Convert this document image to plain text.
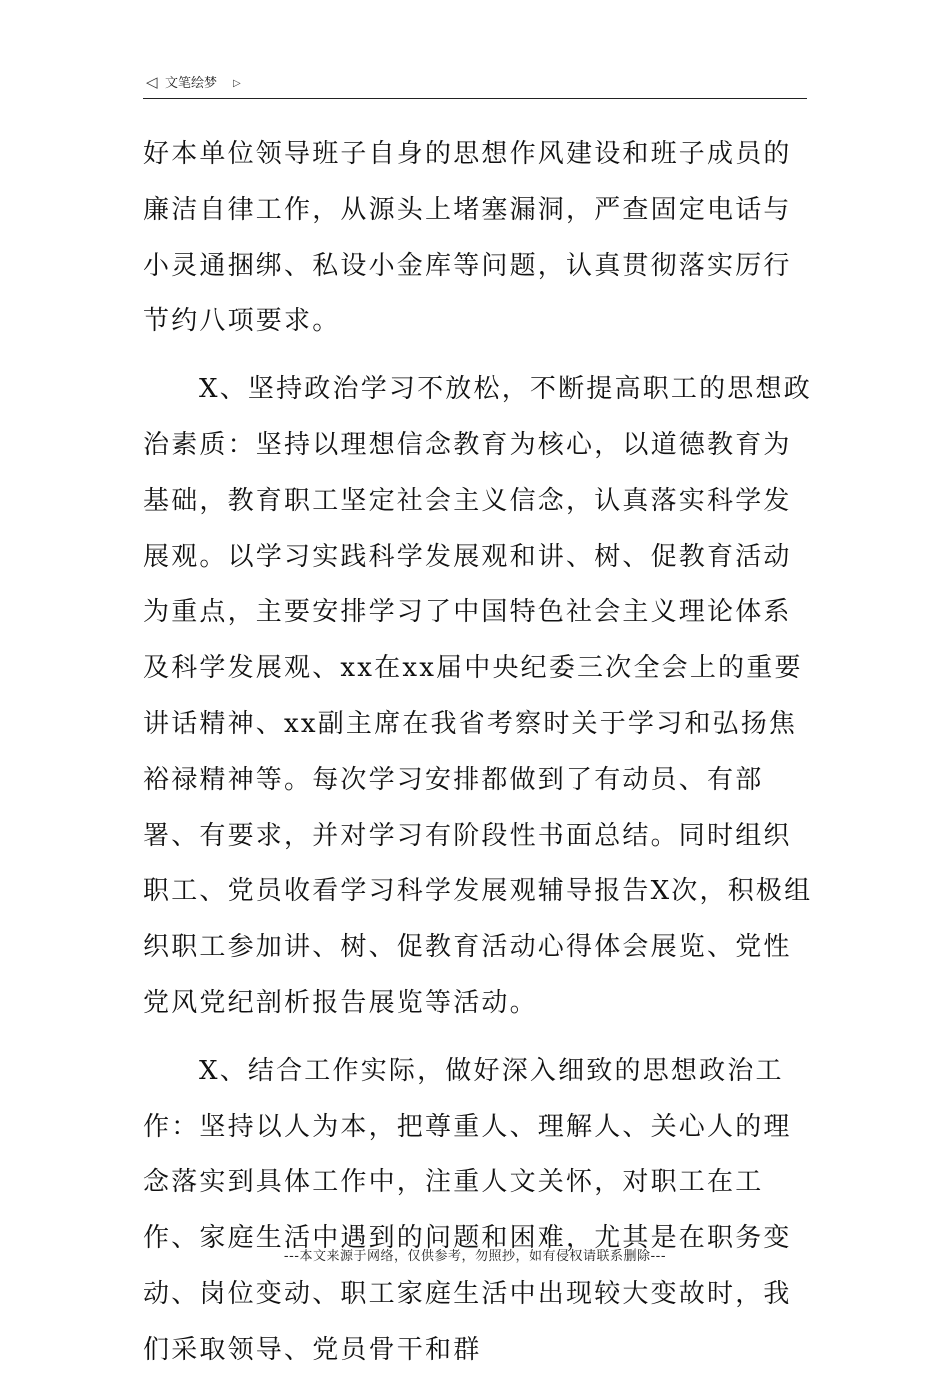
◁ 文笔绘梦 ▷

好本单位领导班子自身的思想作风建设和班子成员的廉洁自律工作，从源头上堵塞漏洞，严查固定电话与小灵通捆绑、私设小金库等问题，认真贯彻落实厉行节约八项要求。

X、坚持政治学习不放松，不断提高职工的思想政治素质：坚持以理想信念教育为核心，以道德教育为基础，教育职工坚定社会主义信念，认真落实科学发展观。以学习实践科学发展观和讲、树、促教育活动为重点，主要安排学习了中国特色社会主义理论体系及科学发展观、xx在xx届中央纪委三次全会上的重要讲话精神、xx副主席在我省考察时关于学习和弘扬焦裕禄精神等。每次学习安排都做到了有动员、有部署、有要求，并对学习有阶段性书面总结。同时组织职工、党员收看学习科学发展观辅导报告X次，积极组织职工参加讲、树、促教育活动心得体会展览、党性党风党纪剖析报告展览等活动。

X、结合工作实际，做好深入细致的思想政治工作：坚持以人为本，把尊重人、理解人、关心人的理念落实到具体工作中，注重人文关怀，对职工在工作、家庭生活中遇到的问题和困难，尤其是在职务变动、岗位变动、职工家庭生活中出现较大变故时，我们采取领导、党员骨干和群

---本文来源于网络，仅供参考，勿照抄，如有侵权请联系删除---
